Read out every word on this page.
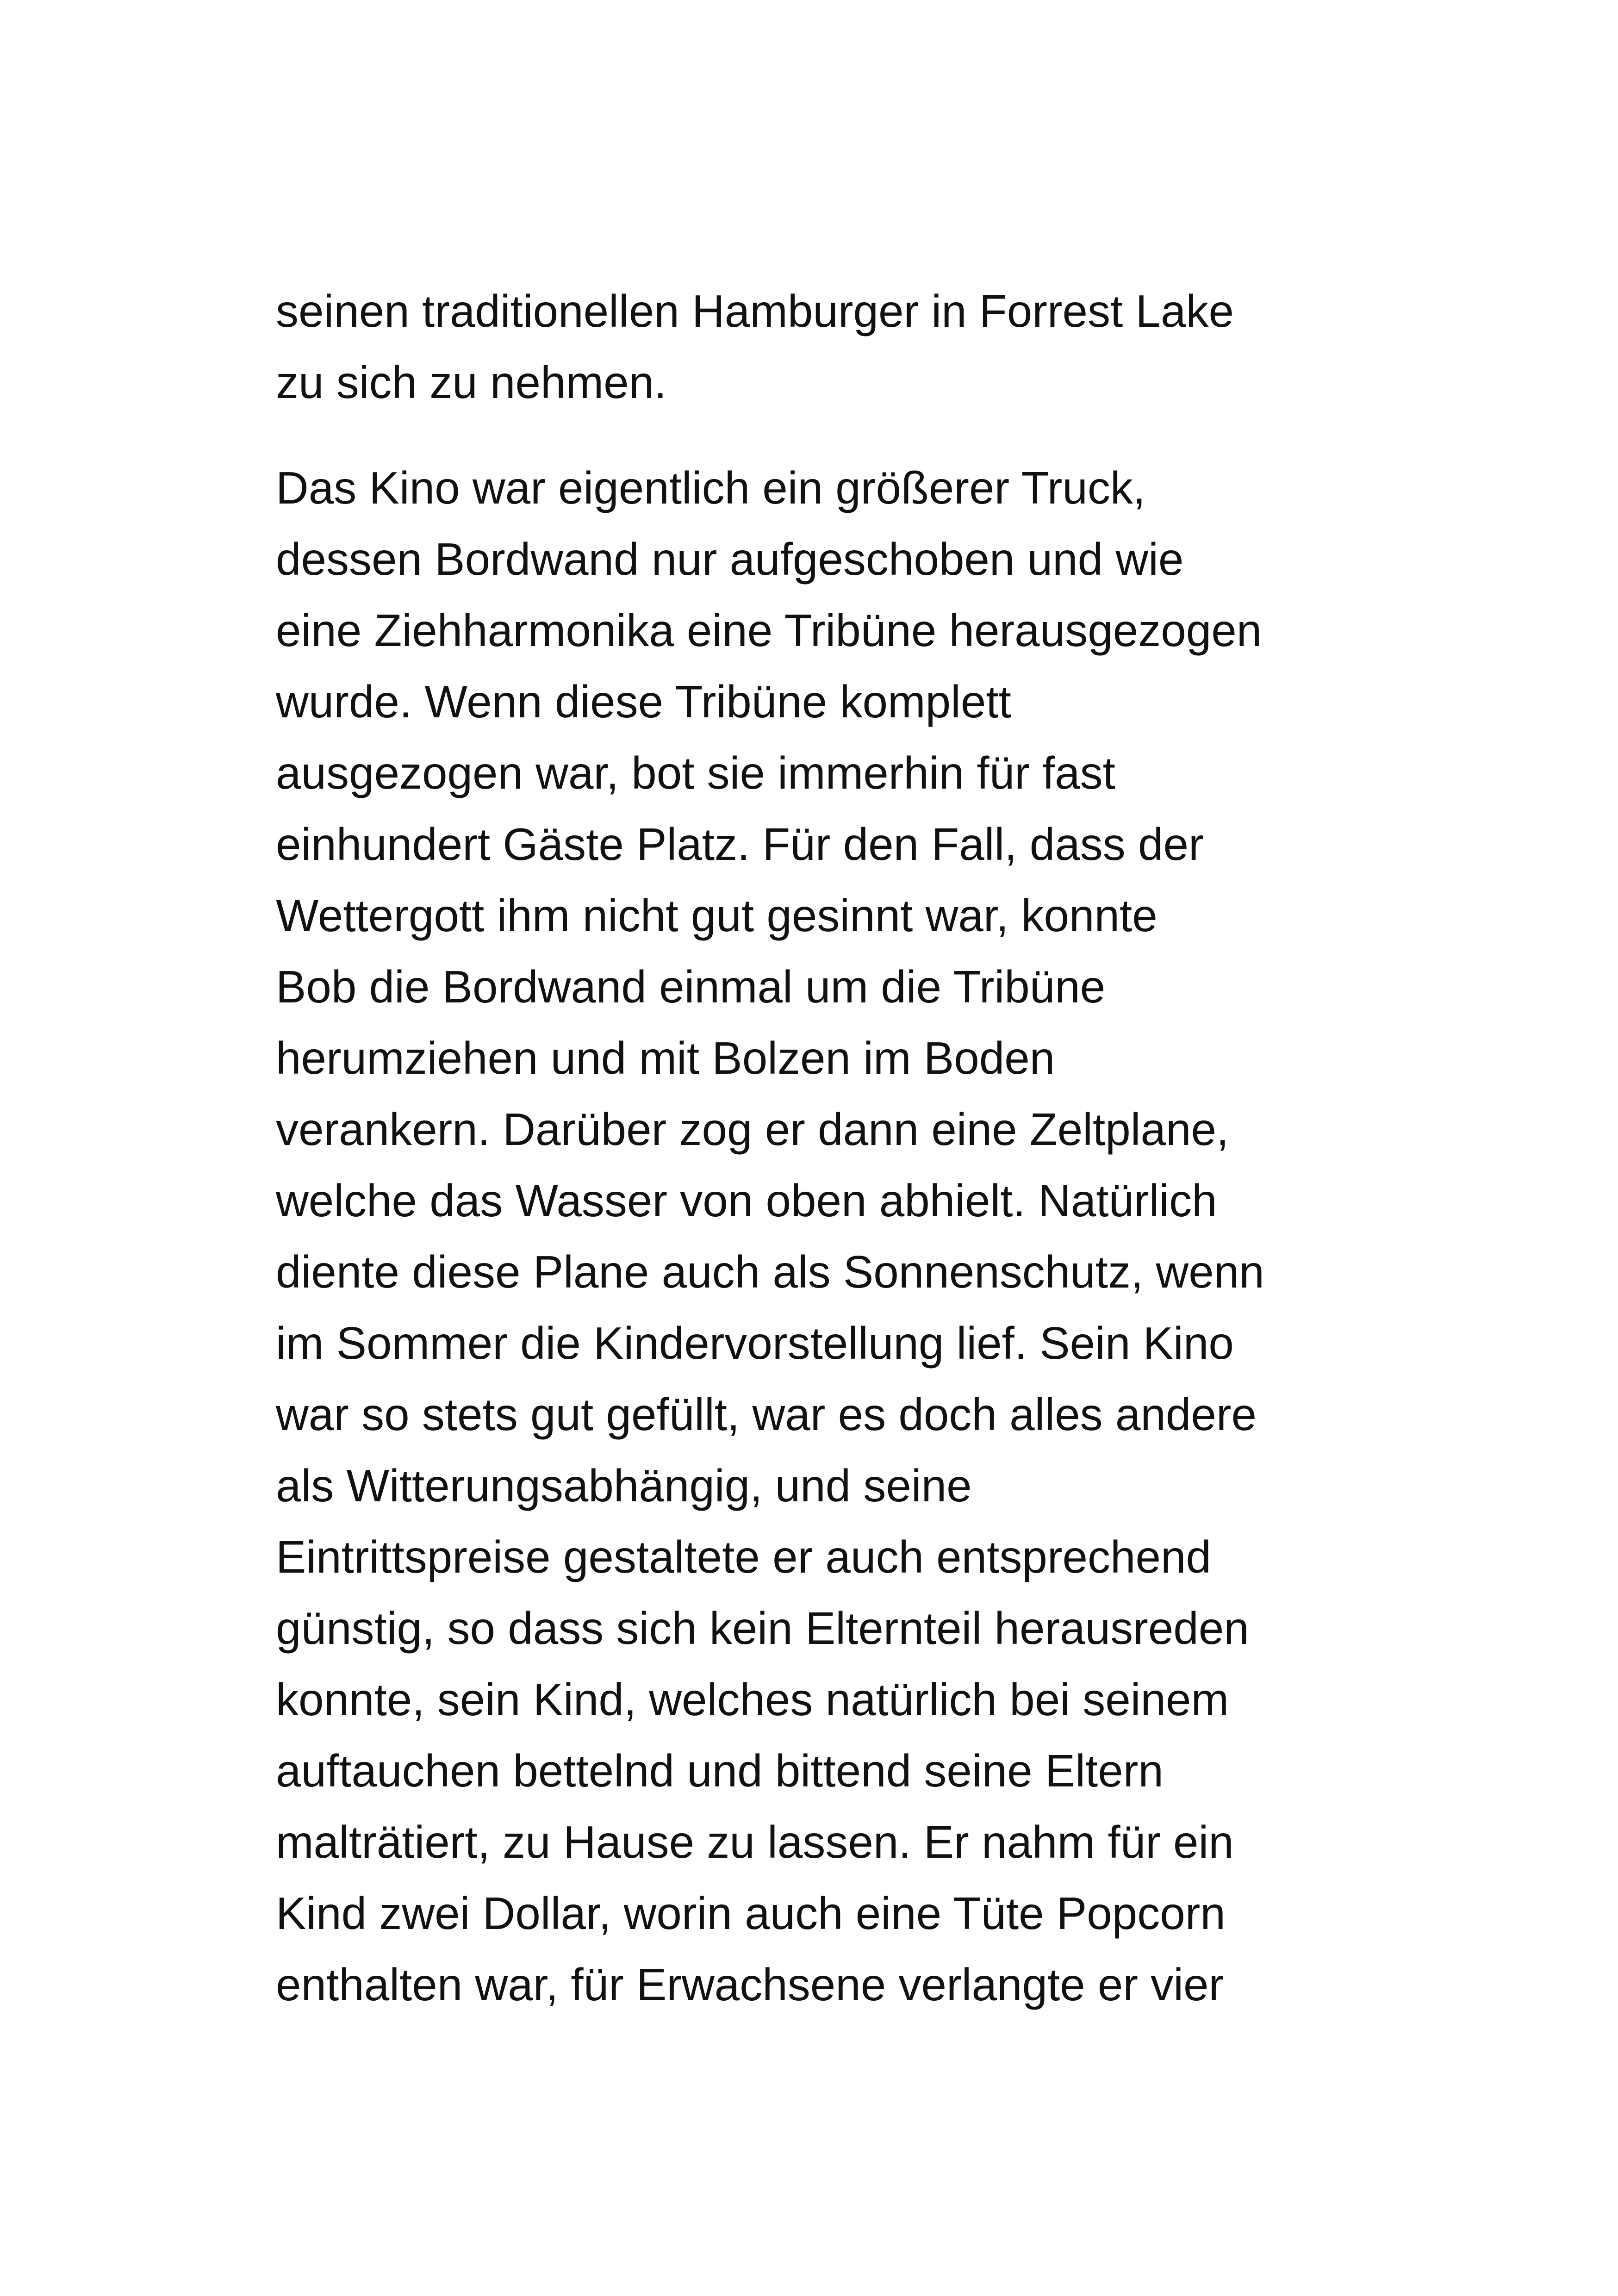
seinen traditionellen Hamburger in Forrest Lake
zu sich zu nehmen.
Das Kino war eigentlich ein größerer Truck,
dessen Bordwand nur aufgeschoben und wie
eine Ziehharmonika eine Tribüne herausgezogen
wurde. Wenn diese Tribüne komplett
ausgezogen war, bot sie immerhin für fast
einhundert Gäste Platz. Für den Fall, dass der
Wettergott ihm nicht gut gesinnt war, konnte
Bob die Bordwand einmal um die Tribüne
herumziehen und mit Bolzen im Boden
verankern. Darüber zog er dann eine Zeltplane,
welche das Wasser von oben abhielt. Natürlich
diente diese Plane auch als Sonnenschutz, wenn
im Sommer die Kindervorstellung lief. Sein Kino
war so stets gut gefüllt, war es doch alles andere
als Witterungsabhängig, und seine
Eintrittspreise gestaltete er auch entsprechend
günstig, so dass sich kein Elternteil herausreden
konnte, sein Kind, welches natürlich bei seinem
auftauchen bettelnd und bittend seine Eltern
malträtiert, zu Hause zu lassen. Er nahm für ein
Kind zwei Dollar, worin auch eine Tüte Popcorn
enthalten war, für Erwachsene verlangte er vier
